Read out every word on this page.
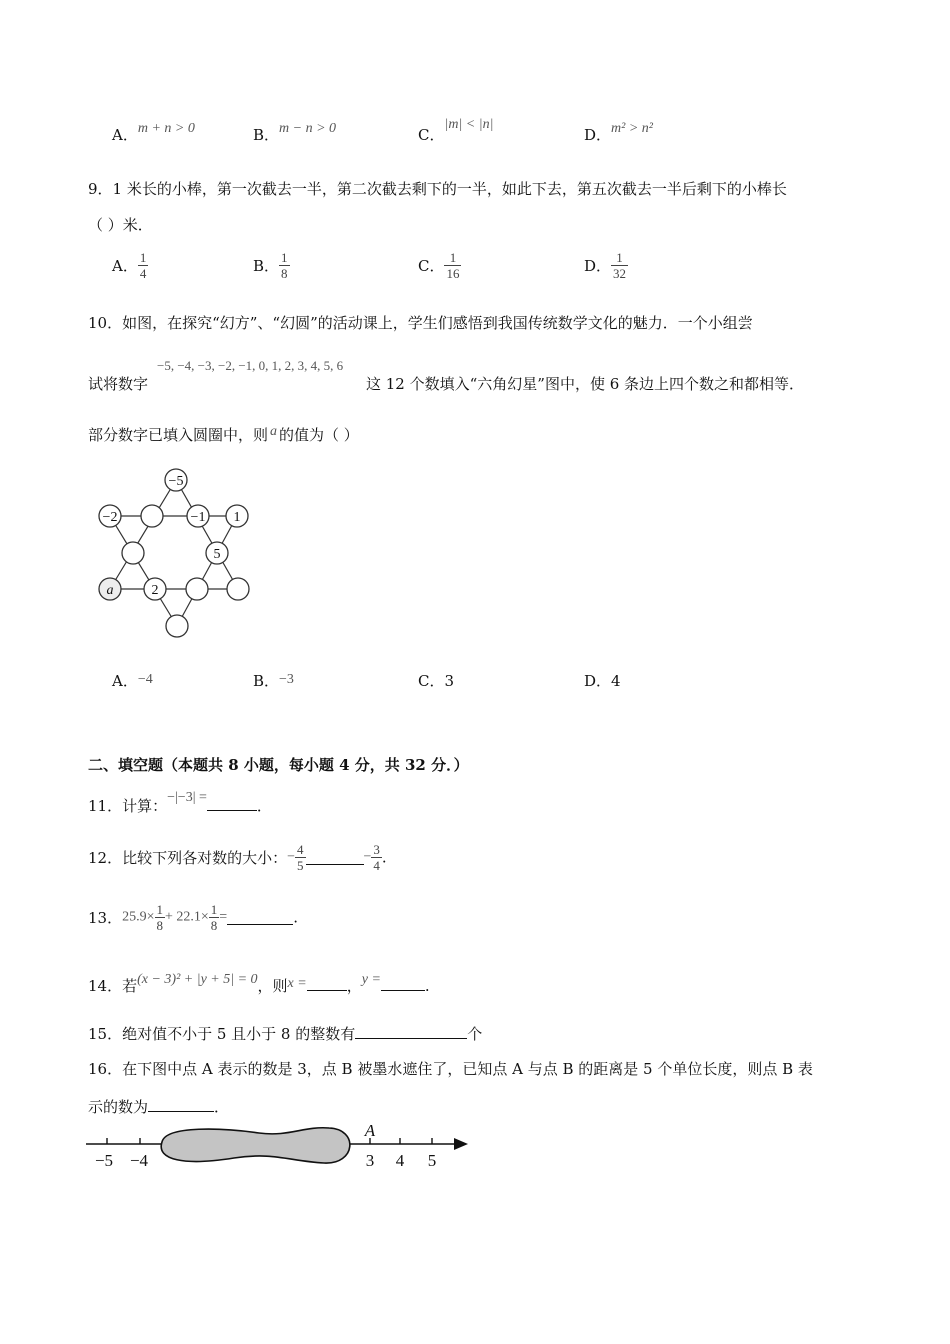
A．m + n > 0	B．m − n > 0	C．|m| < |n|
D．m² > n²
9．1 米长的小棒，第一次截去一半，第二次截去剩下的一半，如此下去，第五次截去一半后剩下的小棒长
（ ）米．
A． $\frac{1}{4}$	B． $\frac{1}{8}$	C． $\frac{1}{16}$	D． $\frac{1}{32}$
10．如图，在探究“幻方”、“幻圆”的活动课上，学生们感悟到我国传统数学文化的魅力．一个小组尝
试将数字
−5, −4, −3, −2, −1, 0, 1, 2, 3, 4, 5, 6
这 12 个数填入“六角幻星”图中，使 6 条边上四个数之和都相等．
部分数字已填入圆圈中，则 a 的值为（ ）
−5
−2	−1 1
5
a	2
A．−4	B．−3	C．3	D．4
二、填空题（本题共 8 小题，每小题 4 分，共 32 分．）
11．计算：−|−3| =	．
12．比较下列各对数的大小：− $\frac{4}{5}$	− $\frac{3}{4}$ .
13．$25.9\times \frac{1}{8} + 22.1\times \frac{1}{8}$ =	.
14．若(x − 3)² + |y + 5| = 0，则x =	，y =	.
15．绝对值不小于 5 且小于 8 的整数有	个
16．在下图中点 A 表示的数是 3，点 B 被墨水遮住了，已知点 A 与点 B 的距离是 5 个单位长度，则点 B 表
示的数为	．
−5 −4	3 4 5
A
